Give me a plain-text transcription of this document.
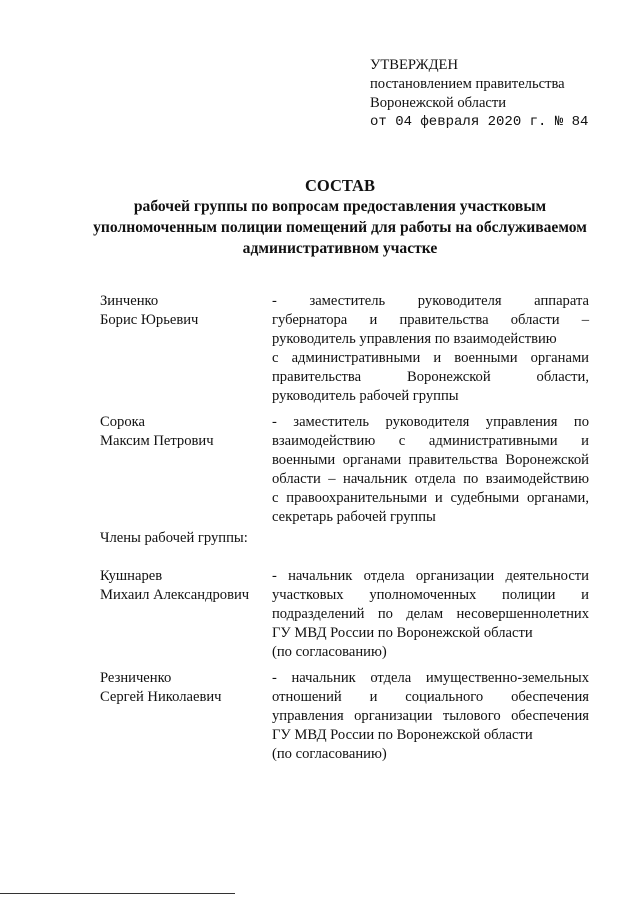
УТВЕРЖДЕН
постановлением правительства
Воронежской области
от 04 февраля 2020 г. № 84
СОСТАВ
рабочей группы по вопросам предоставления участковым
уполномоченным полиции помещений для работы на обслуживаемом
административном участке
Зинченко
Борис Юрьевич
- заместитель руководителя аппарата
губернатора и правительства области –
руководитель управления по взаимодействию
с административными и военными органами
правительства Воронежской области,
руководитель рабочей группы
Сорока
Максим Петрович
- заместитель руководителя управления по
взаимодействию с административными и
военными органами правительства Воронежской
области – начальник отдела по взаимодействию
с правоохранительными и судебными органами,
секретарь рабочей группы
Члены рабочей группы:
Кушнарев
Михаил Александрович
- начальник отдела организации деятельности
участковых уполномоченных полиции и
подразделений по делам несовершеннолетних
ГУ МВД России по Воронежской области
(по согласованию)
Резниченко
Сергей Николаевич
- начальник отдела имущественно-земельных
отношений и социального обеспечения
управления организации тылового обеспечения
ГУ МВД России по Воронежской области
(по согласованию)
